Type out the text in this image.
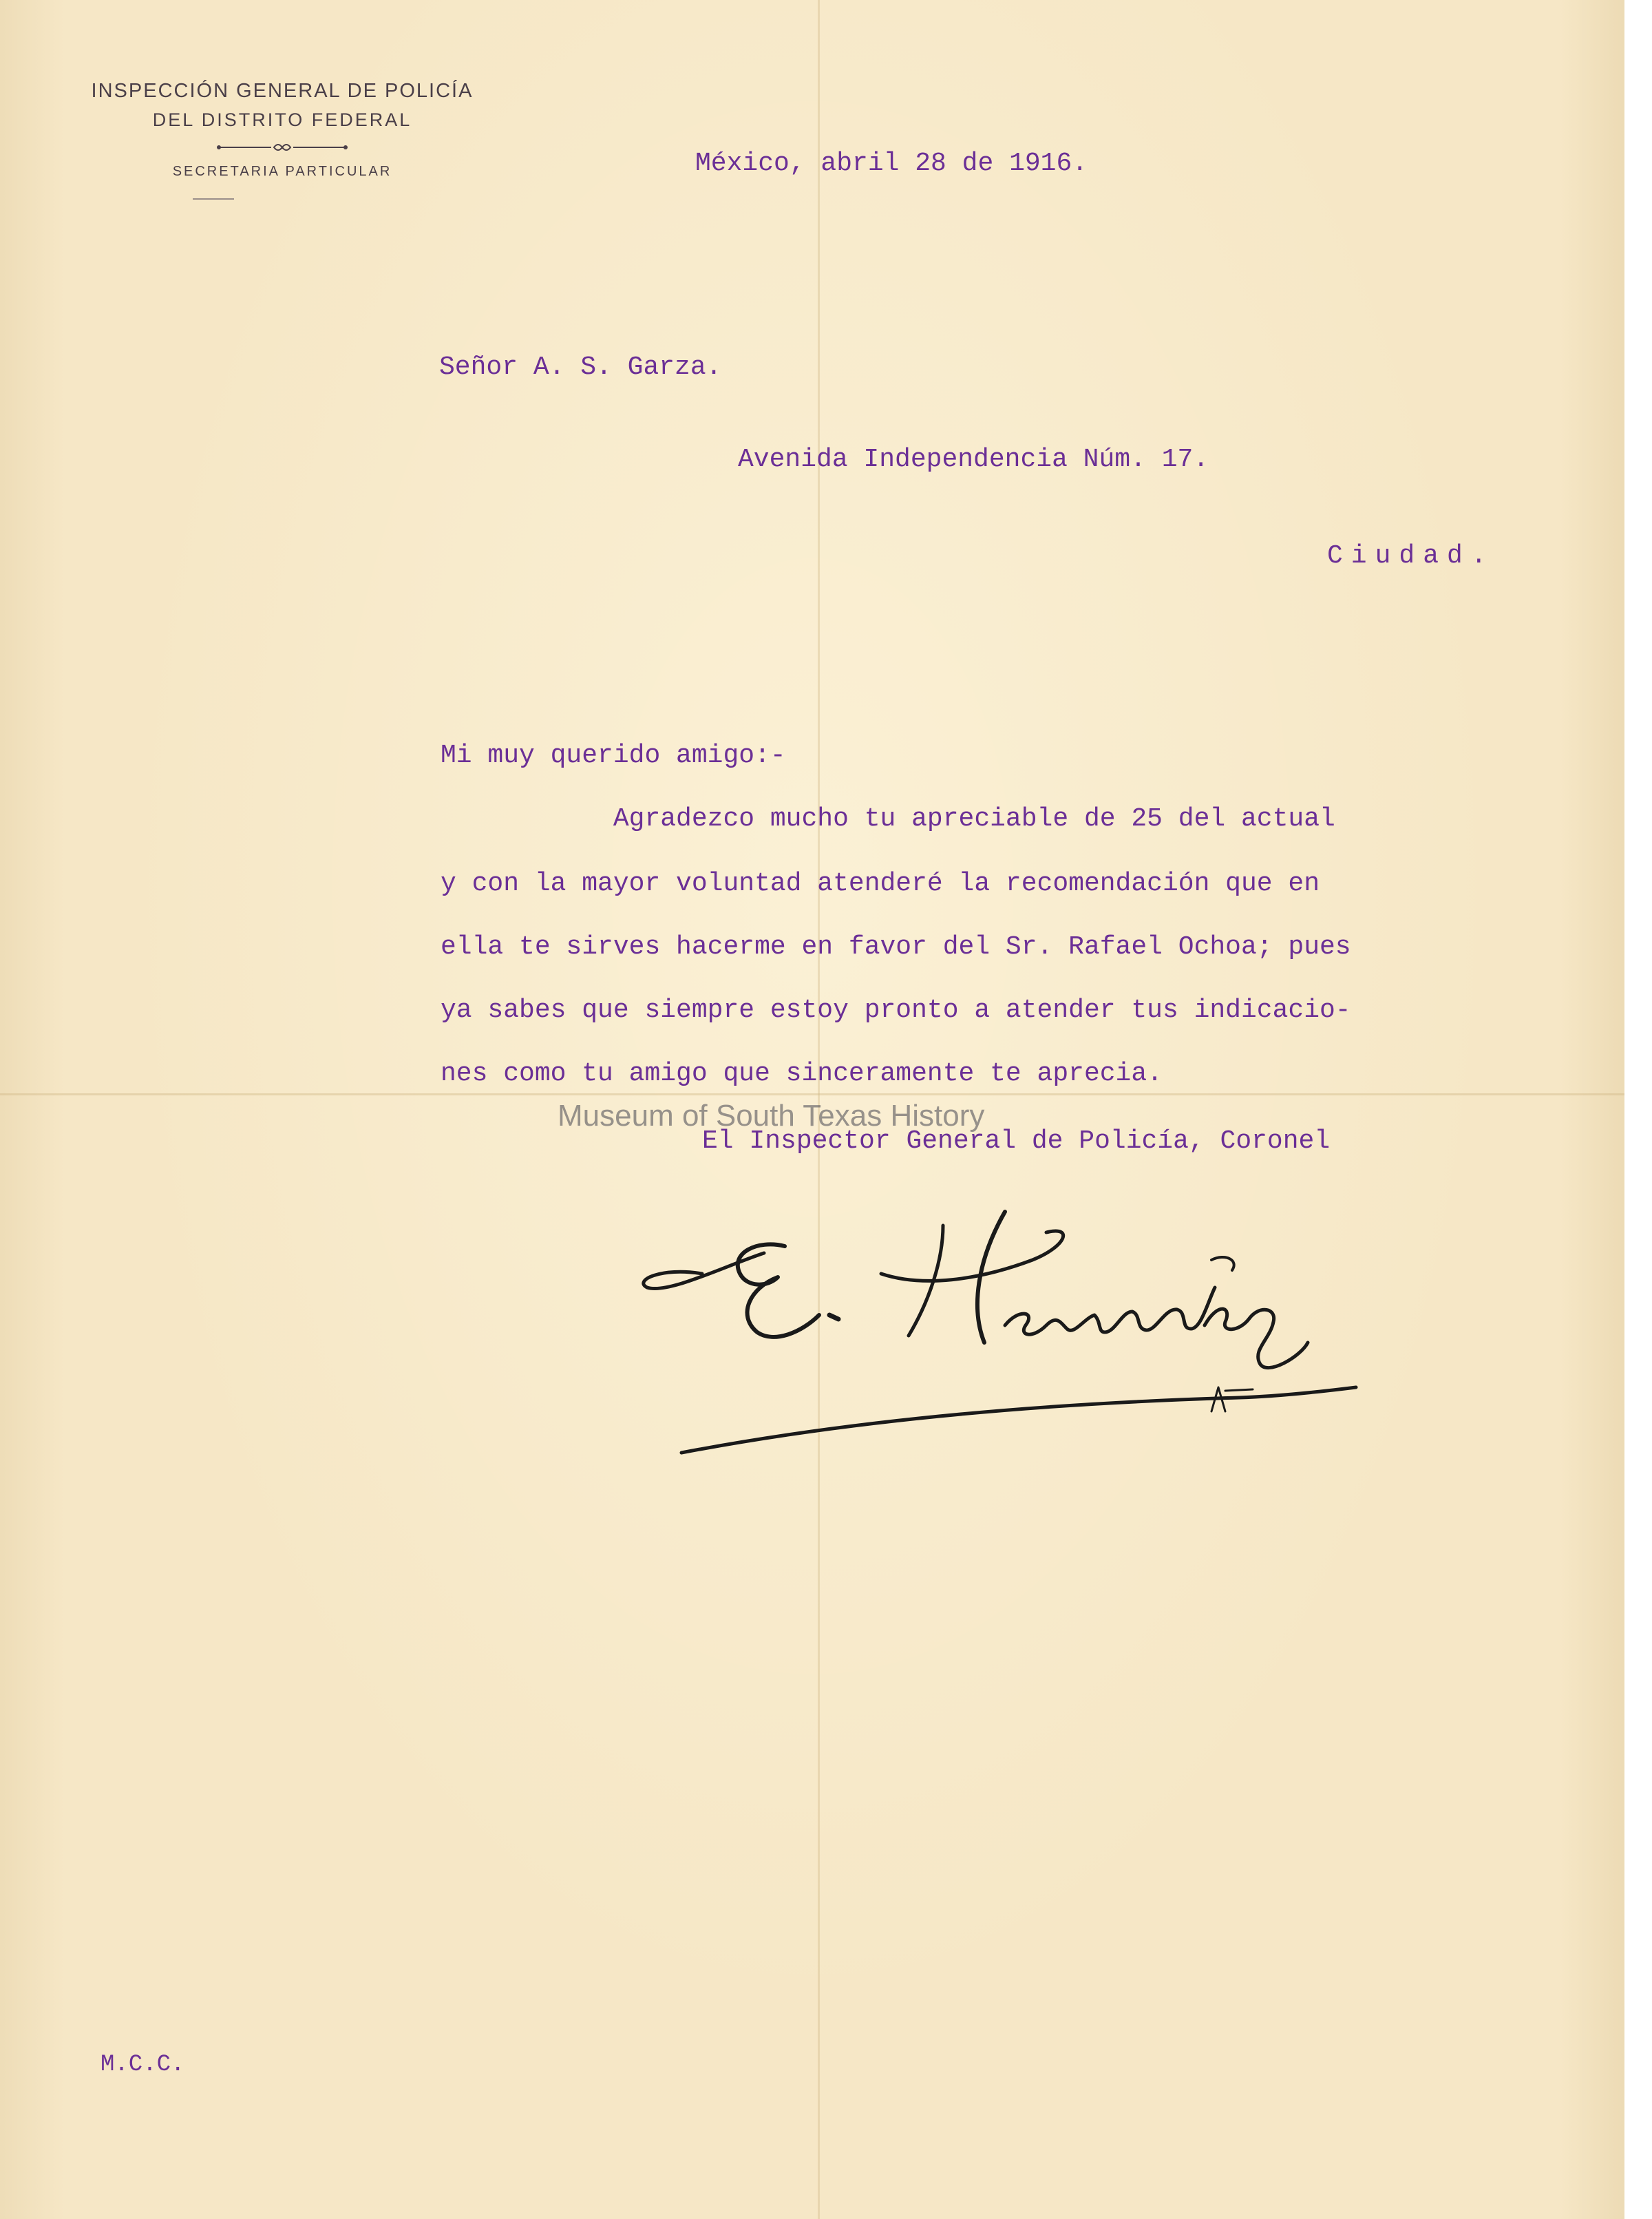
INSPECCIÓN GENERAL DE POLICÍA
DEL DISTRITO FEDERAL
SECRETARIA PARTICULAR	México, abril 28 de 1916.
Señor A. S. Garza.
Avenida Independencia Núm. 17.
Ciudad.
Mi muy querido amigo:-
Agradezco mucho tu apreciable de 25 del actual
y con la mayor voluntad atenderé la recomendación que en
ella te sirves hacerme en favor del Sr. Rafael Ochoa; pues
ya sabes que siempre estoy pronto a atender tus indicacio-
nes como tu amigo que sinceramente te aprecia.
Museum of South Texas History
El Inspector General de Policía, Coronel
M.C.C.
